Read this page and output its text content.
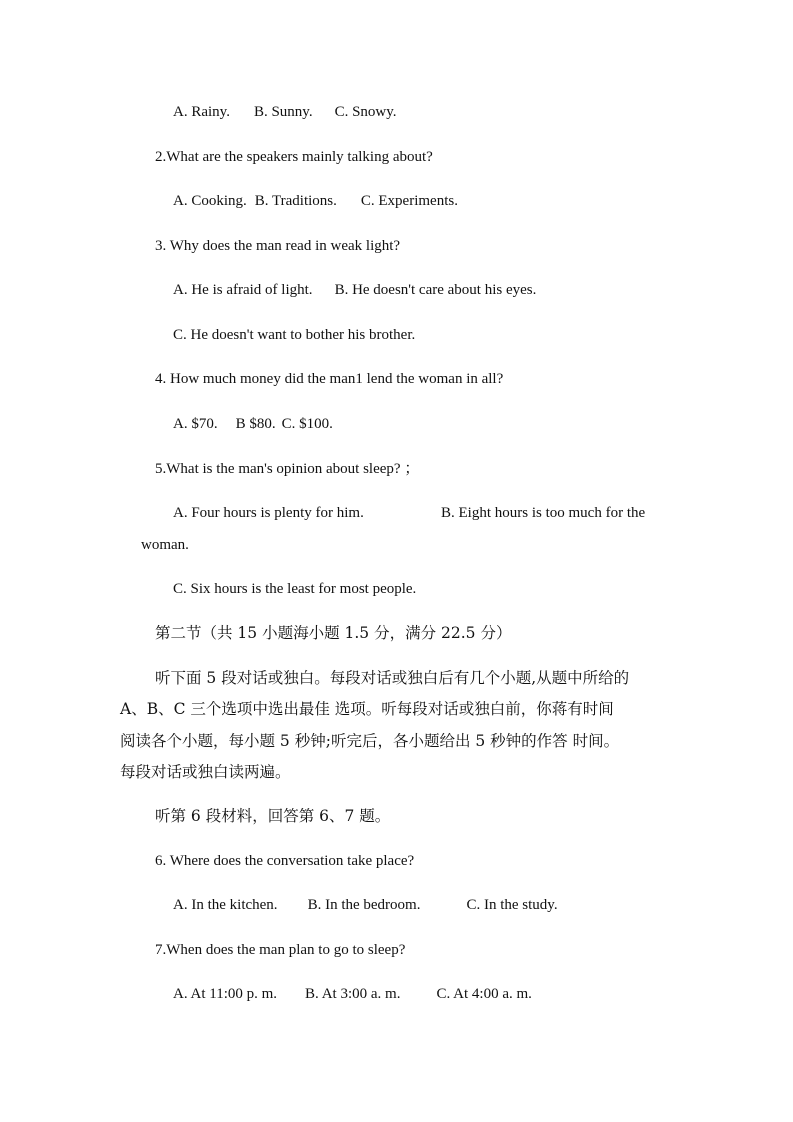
A. Rainy. B. Sunny. C. Snowy.
2.What are the speakers mainly talking about?
A. Cooking. B. Traditions. C. Experiments.
3. Why does the man read in weak light?
A. He is afraid of light. B. He doesn't care about his eyes.
C. He doesn't want to bother his brother.
4. How much money did the man1 lend the woman in all?
A. $70. B $80. C. $100.
5.What is the man's opinion about sleep? ；
A. Four hours is plenty for him.	B. Eight hours is too much for the
woman.
C. Six hours is the least for most people.
第二节（共 15 小题海小题 1.5 分，满分 22.5 分）
听下面 5 段对话或独白。每段对话或独白后有几个小题,从题中所给的
A、B、C 三个选项中选出最佳 选项。听每段对话或独白前，你蒋有时间
阅读各个小题，每小题 5 秒钟;听完后，各小题给出 5 秒钟的作答 时间。
每段对话或独白读两遍。
听第 6 段材料，回答第 6、7 题。
6. Where does the conversation take place?
A. In the kitchen. B. In the bedroom.	C. In the study.
7.When does the man plan to go to sleep?
A. At 11:00 p. m. B. At 3:00 a. m. C. At 4:00 a. m.
